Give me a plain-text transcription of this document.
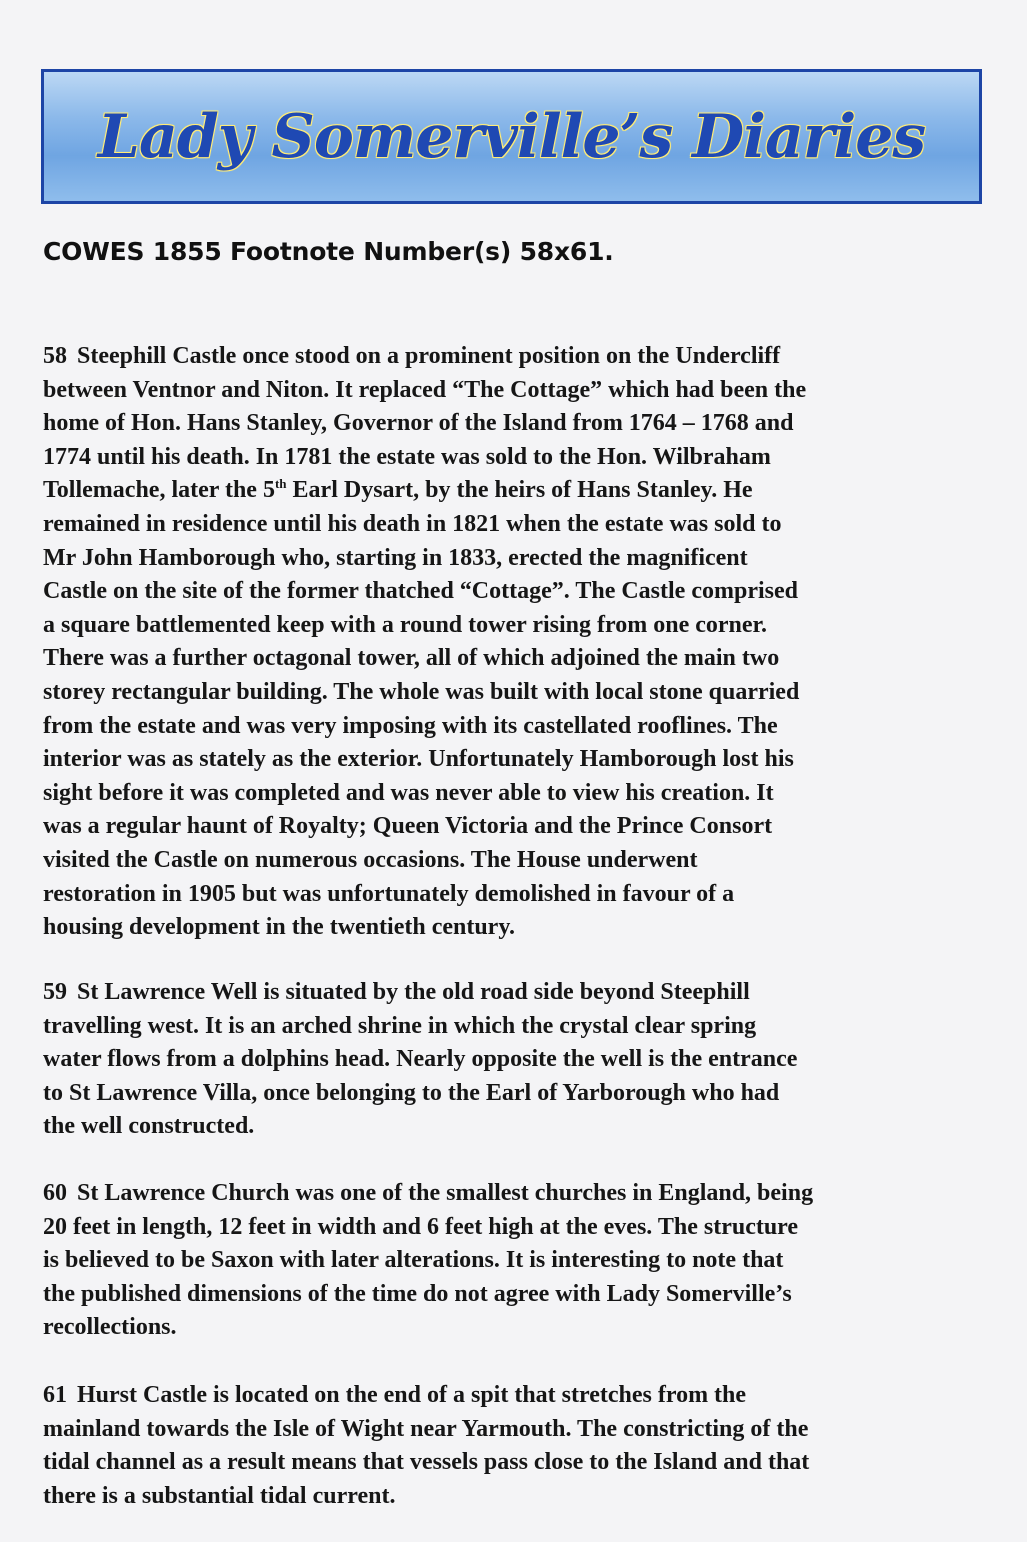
Lady Somerville’s Diaries
COWES 1855 Footnote Number(s) 58x61.

58 Steephill Castle once stood on a prominent position on the Undercliff
between Ventnor and Niton. It replaced “The Cottage” which had been the
home of Hon. Hans Stanley, Governor of the Island from 1764 – 1768 and
1774 until his death. In 1781 the estate was sold to the Hon. Wilbraham
Tollemache, later the 5th Earl Dysart, by the heirs of Hans Stanley. He
remained in residence until his death in 1821 when the estate was sold to
Mr John Hamborough who, starting in 1833, erected the magnificent
Castle on the site of the former thatched “Cottage”. The Castle comprised
a square battlemented keep with a round tower rising from one corner.
There was a further octagonal tower, all of which adjoined the main two
storey rectangular building. The whole was built with local stone quarried
from the estate and was very imposing with its castellated rooflines. The
interior was as stately as the exterior. Unfortunately Hamborough lost his
sight before it was completed and was never able to view his creation. It
was a regular haunt of Royalty; Queen Victoria and the Prince Consort
visited the Castle on numerous occasions. The House underwent
restoration in 1905 but was unfortunately demolished in favour of a
housing development in the twentieth century.

59 St Lawrence Well is situated by the old road side beyond Steephill
travelling west. It is an arched shrine in which the crystal clear spring
water flows from a dolphins head. Nearly opposite the well is the entrance
to St Lawrence Villa, once belonging to the Earl of Yarborough who had
the well constructed.

60 St Lawrence Church was one of the smallest churches in England, being
20 feet in length, 12 feet in width and 6 feet high at the eves. The structure
is believed to be Saxon with later alterations. It is interesting to note that
the published dimensions of the time do not agree with Lady Somerville’s
recollections.

61 Hurst Castle is located on the end of a spit that stretches from the
mainland towards the Isle of Wight near Yarmouth. The constricting of the
tidal channel as a result means that vessels pass close to the Island and that
there is a substantial tidal current.
